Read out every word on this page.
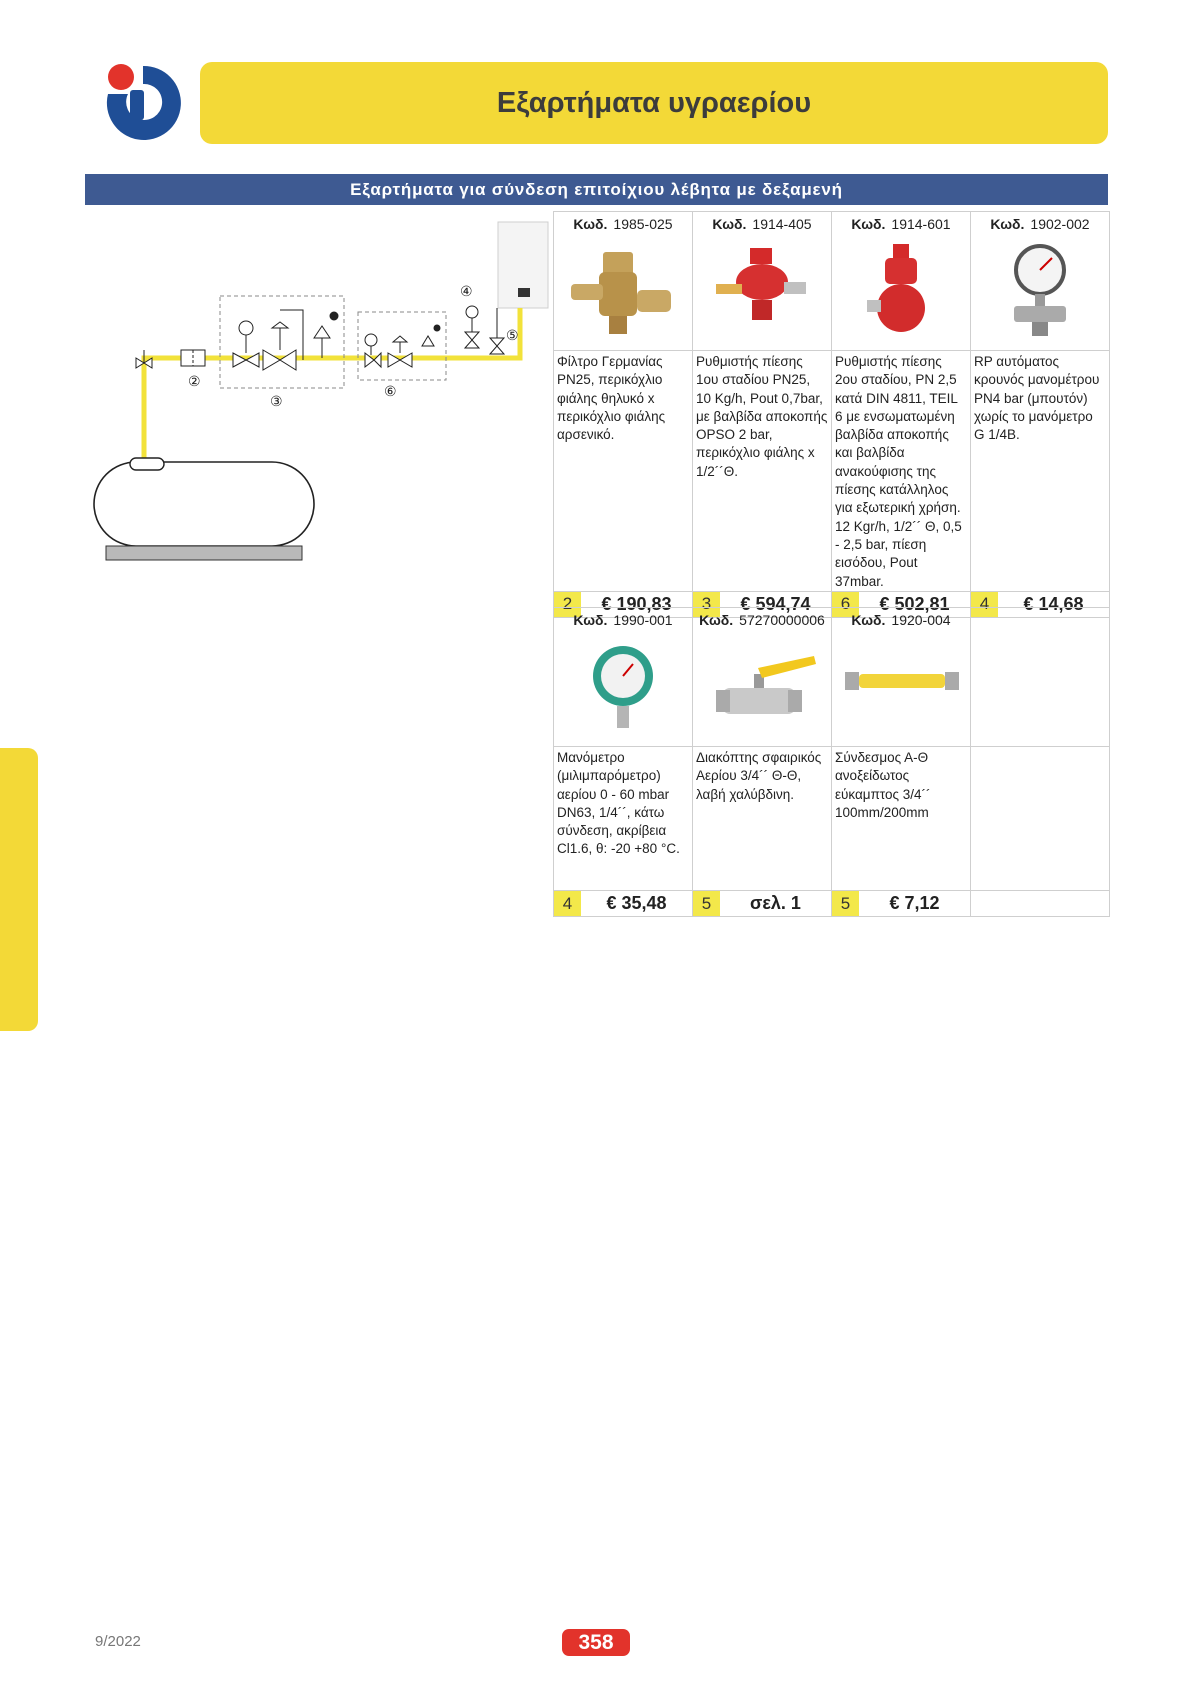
Εξαρτήματα υγραερίου
Εξαρτήματα για σύνδεση επιτοίχιου λέβητα με δεξαμενή
②
③
⑥
④
⑤
Κωδ. 1985-025	Κωδ. 1914-405	Κωδ. 1914-601	Κωδ. 1902-002

Φίλτρο Γερμανίας PN25, περικόχλιο φιάλης θηλυκό x περικόχλιο φιάλης αρσενικό.	Ρυθμιστής πίεσης 1ου σταδίου PN25, 10 Kg/h, Pout 0,7bar, με βαλβίδα αποκοπής OPSO 2 bar, περικόχλιο φιάλης x 1/2´´Θ.	Ρυθμιστής πίεσης 2ου σταδίου, PN 2,5 κατά DIN 4811, TEIL 6 με ενσωματωμένη βαλβίδα αποκοπής και βαλβίδα ανακούφισης της πίεσης κατάλληλος για εξωτερική χρήση. 12 Kgr/h, 1/2´´ Θ, 0,5 - 2,5 bar, πίεση εισόδου, Pout 37mbar.	RP αυτόματος κρουνός μανομέτρου PN4 bar (μπουτόν) χωρίς το μανόμετρο G 1/4B.

2 € 190,83	3 € 594,74	6 € 502,81	4 € 14,68
Κωδ. 1990-001	Κωδ. 57270000006	Κωδ. 1920-004	

Μανόμετρο (μιλιμπαρόμετρο) αερίου 0 - 60 mbar DN63, 1/4´´, κάτω σύνδεση, ακρίβεια Cl1.6, θ: -20 +80 °C.	Διακόπτης σφαιρικός Αερίου 3/4´´ Θ-Θ, λαβή χαλύβδινη.	Σύνδεσμος Α-Θ ανοξείδωτος εύκαμπτος 3/4´´ 100mm/200mm	

4 € 35,48	5 σελ. 1	5 € 7,12	

9/2022	358
